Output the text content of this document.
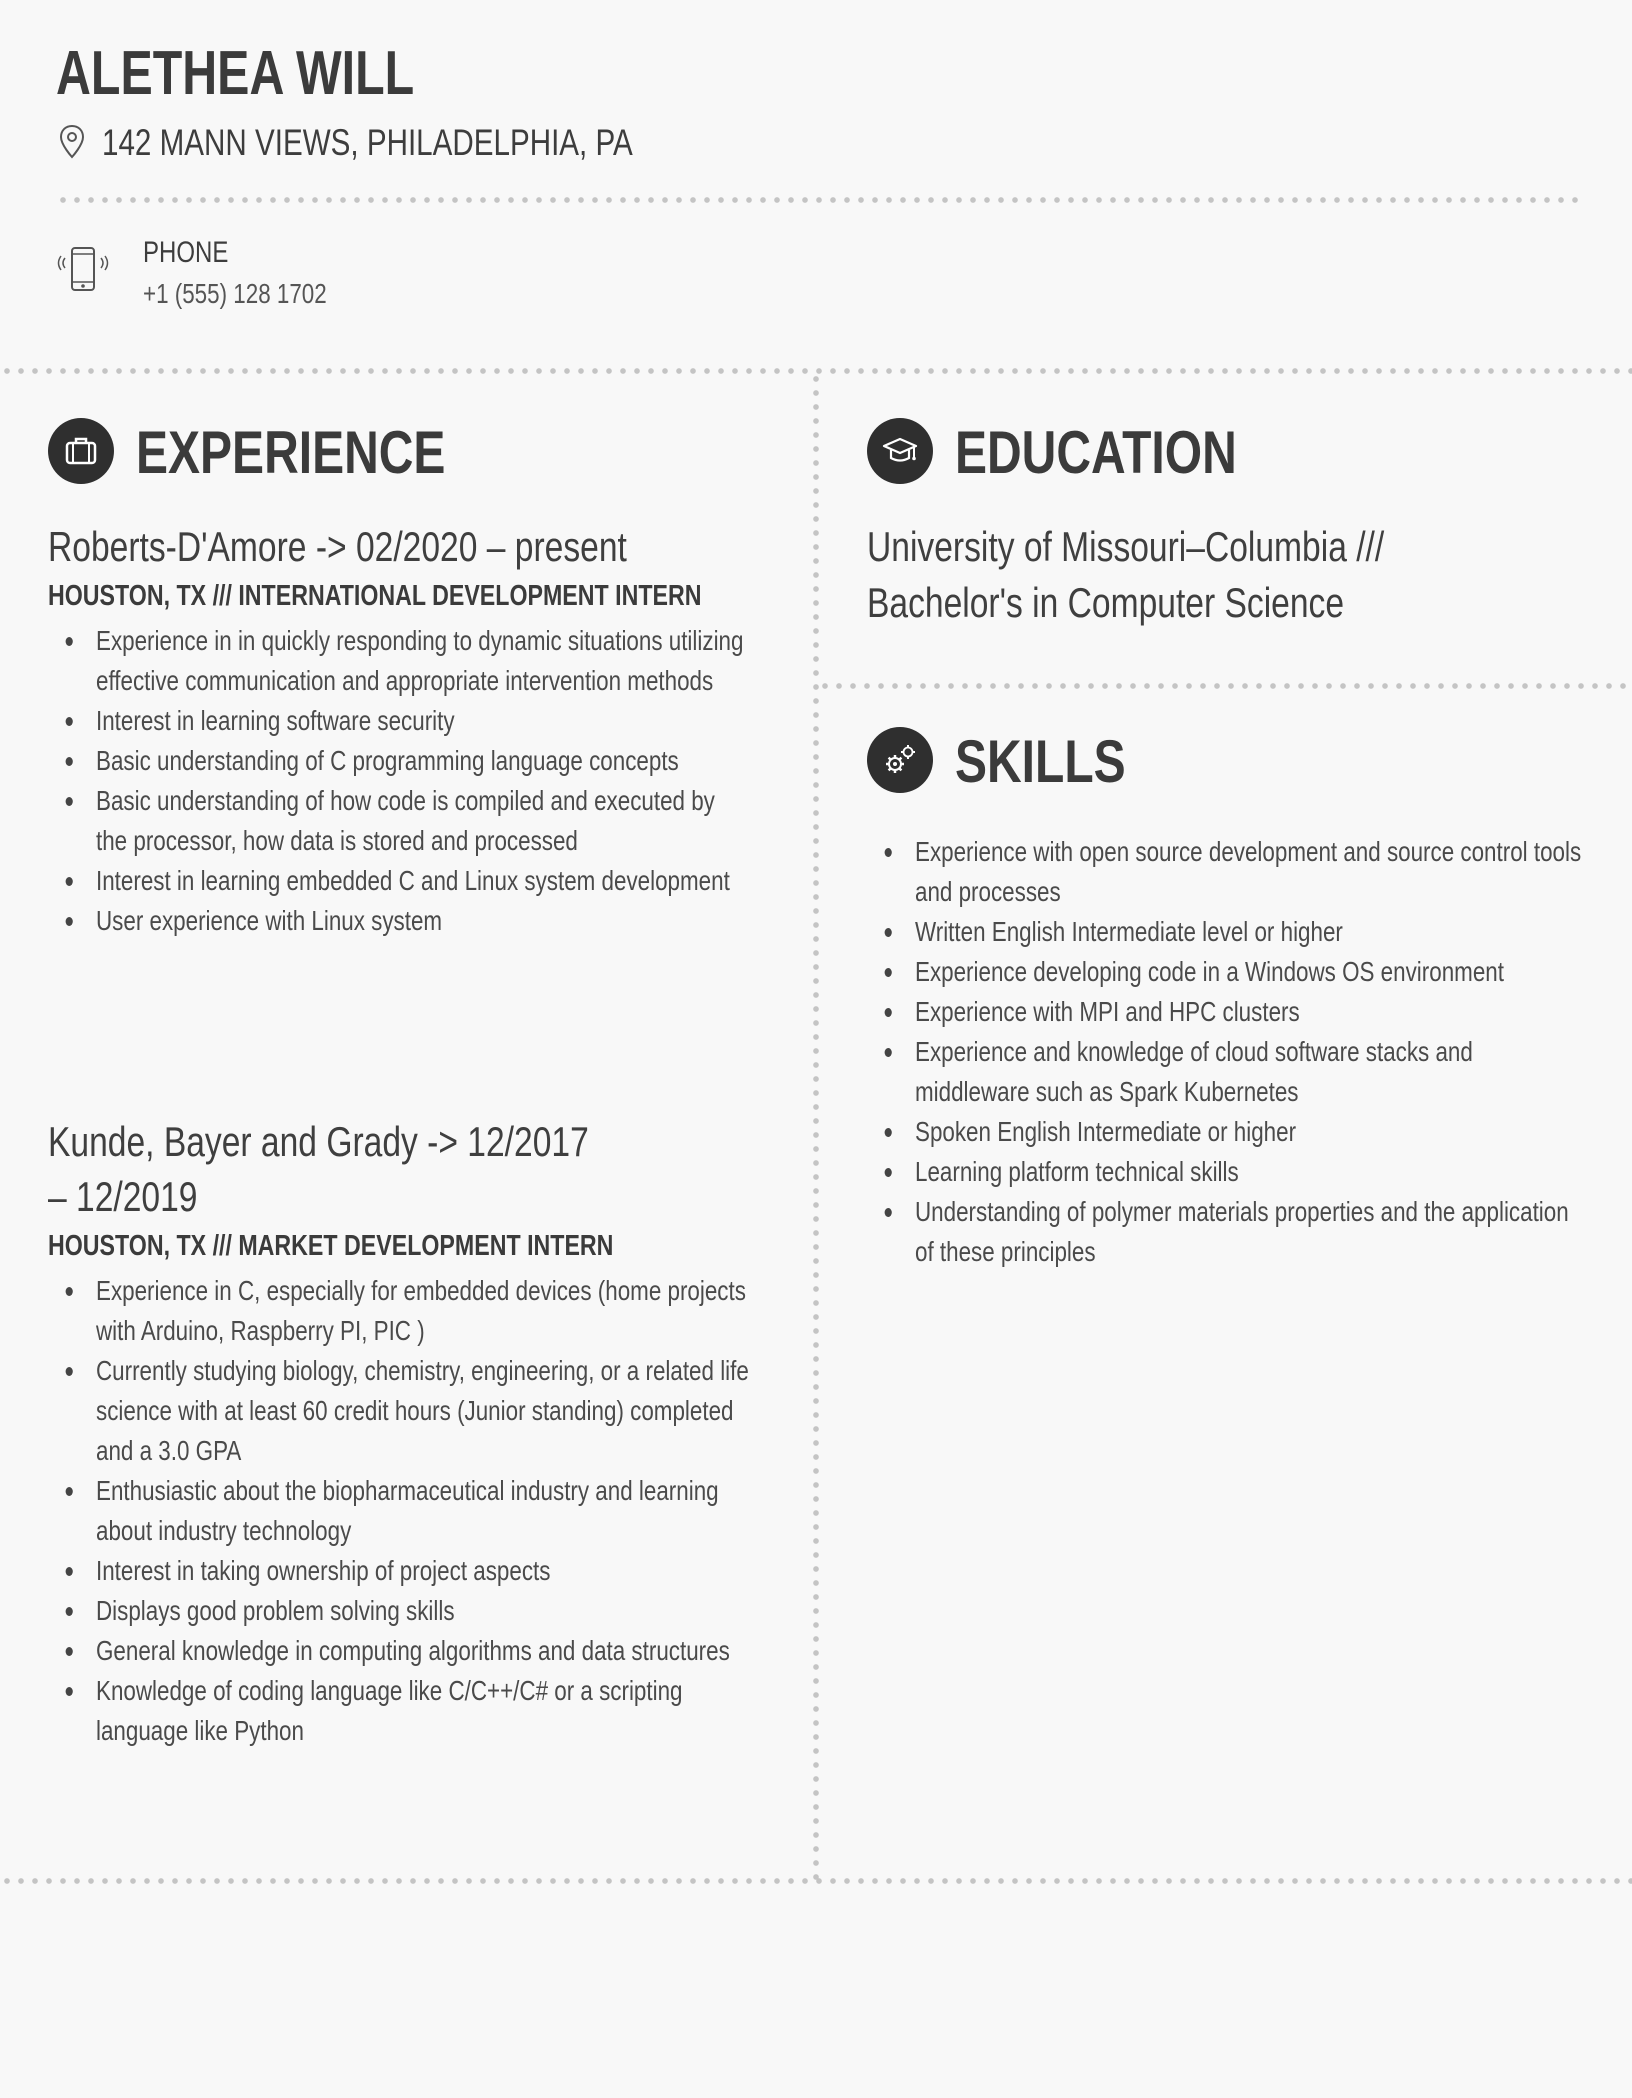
ALETHEA WILL
142 MANN VIEWS, PHILADELPHIA, PA
PHONE
+1 (555) 128 1702
EXPERIENCE
Roberts-D'Amore -> 02/2020 – present
HOUSTON, TX /// INTERNATIONAL DEVELOPMENT INTERN
Experience in in quickly responding to dynamic situations utilizing effective communication and appropriate intervention methods
Interest in learning software security
Basic understanding of C programming language concepts
Basic understanding of how code is compiled and executed by the processor, how data is stored and processed
Interest in learning embedded C and Linux system development
User experience with Linux system
Kunde, Bayer and Grady -> 12/2017 – 12/2019
HOUSTON, TX /// MARKET DEVELOPMENT INTERN
Experience in C, especially for embedded devices (home projects with Arduino, Raspberry PI, PIC )
Currently studying biology, chemistry, engineering, or a related life science with at least 60 credit hours (Junior standing) completed and a 3.0 GPA
Enthusiastic about the biopharmaceutical industry and learning about industry technology
Interest in taking ownership of project aspects
Displays good problem solving skills
General knowledge in computing algorithms and data structures
Knowledge of coding language like C/C++/C# or a scripting language like Python
EDUCATION
University of Missouri–Columbia /// Bachelor's in Computer Science
SKILLS
Experience with open source development and source control tools and processes
Written English Intermediate level or higher
Experience developing code in a Windows OS environment
Experience with MPI and HPC clusters
Experience and knowledge of cloud software stacks and middleware such as Spark Kubernetes
Spoken English Intermediate or higher
Learning platform technical skills
Understanding of polymer materials properties and the application of these principles
